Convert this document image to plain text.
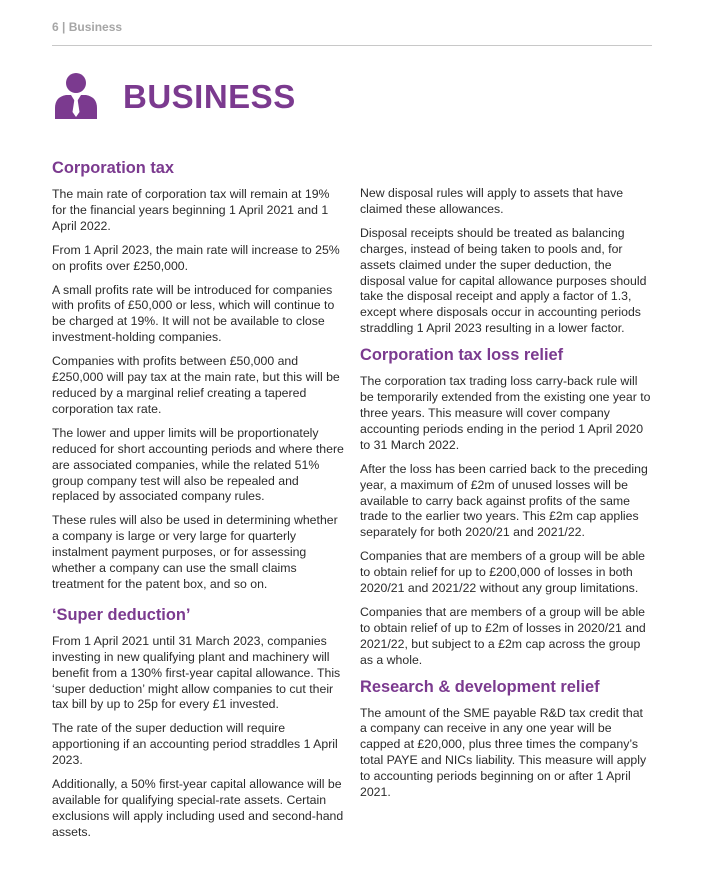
6 | Business
BUSINESS
Corporation tax

The main rate of corporation tax will remain at 19% for the financial years beginning 1 April 2021 and 1 April 2022.

From 1 April 2023, the main rate will increase to 25% on profits over £250,000.

A small profits rate will be introduced for companies with profits of £50,000 or less, which will continue to be charged at 19%. It will not be available to close investment-holding companies.

Companies with profits between £50,000 and £250,000 will pay tax at the main rate, but this will be reduced by a marginal relief creating a tapered corporation tax rate.

The lower and upper limits will be proportionately reduced for short accounting periods and where there are associated companies, while the related 51% group company test will also be repealed and replaced by associated company rules.

These rules will also be used in determining whether a company is large or very large for quarterly instalment payment purposes, or for assessing whether a company can use the small claims treatment for the patent box, and so on.

‘Super deduction’

From 1 April 2021 until 31 March 2023, companies investing in new qualifying plant and machinery will benefit from a 130% first-year capital allowance. This ‘super deduction’ might allow companies to cut their tax bill by up to 25p for every £1 invested.

The rate of the super deduction will require apportioning if an accounting period straddles 1 April 2023.

Additionally, a 50% first-year capital allowance will be available for qualifying special-rate assets. Certain exclusions will apply including used and second-hand assets.

New disposal rules will apply to assets that have claimed these allowances.

Disposal receipts should be treated as balancing charges, instead of being taken to pools and, for assets claimed under the super deduction, the disposal value for capital allowance purposes should take the disposal receipt and apply a factor of 1.3, except where disposals occur in accounting periods straddling 1 April 2023 resulting in a lower factor.

Corporation tax loss relief

The corporation tax trading loss carry-back rule will be temporarily extended from the existing one year to three years. This measure will cover company accounting periods ending in the period 1 April 2020 to 31 March 2022.

After the loss has been carried back to the preceding year, a maximum of £2m of unused losses will be available to carry back against profits of the same trade to the earlier two years. This £2m cap applies separately for both 2020/21 and 2021/22.

Companies that are members of a group will be able to obtain relief for up to £200,000 of losses in both 2020/21 and 2021/22 without any group limitations.

Companies that are members of a group will be able to obtain relief of up to £2m of losses in 2020/21 and 2021/22, but subject to a £2m cap across the group as a whole.

Research & development relief

The amount of the SME payable R&D tax credit that a company can receive in any one year will be capped at £20,000, plus three times the company’s total PAYE and NICs liability. This measure will apply to accounting periods beginning on or after 1 April 2021.
